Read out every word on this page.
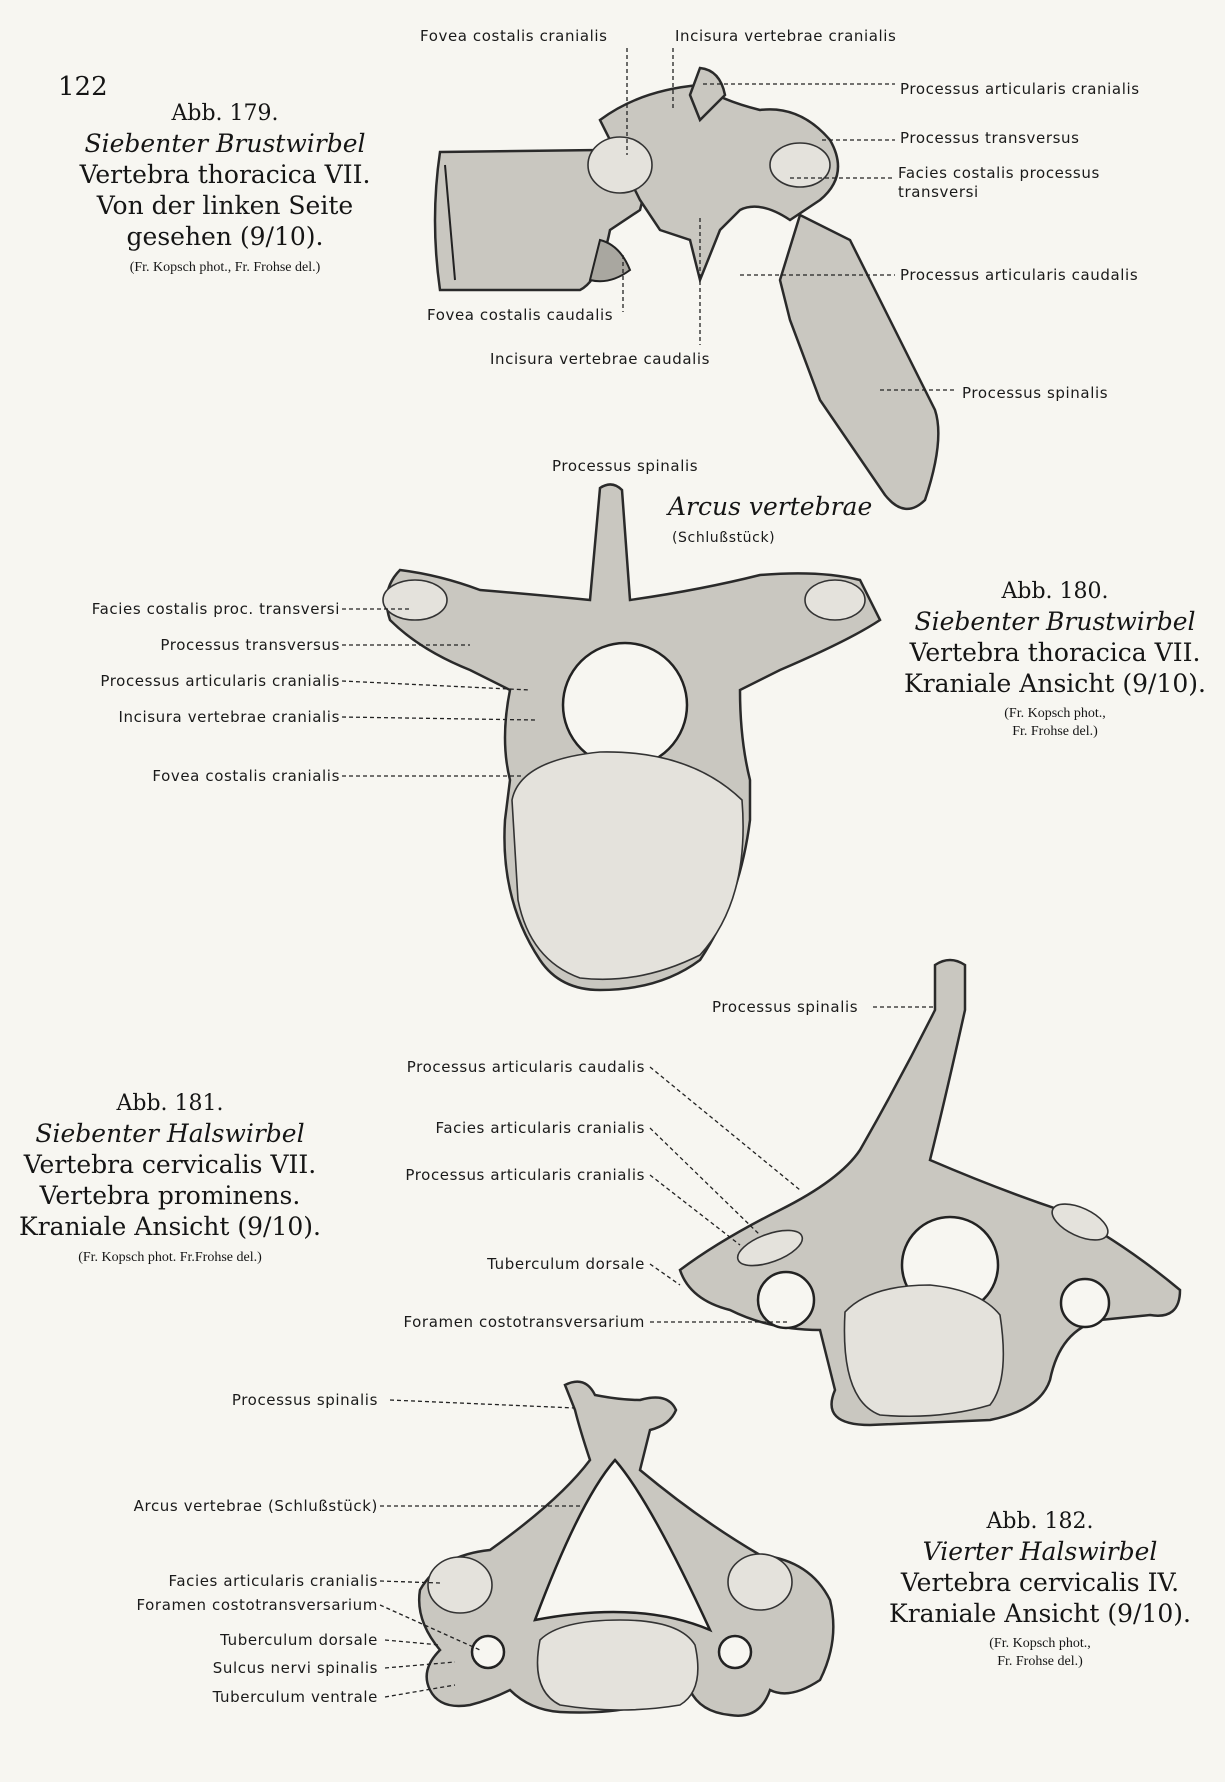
122
Abb. 179.
Siebenter Brustwirbel
Vertebra thoracica VII.
Von der linken Seite
gesehen (9/10).
(Fr. Kopsch phot., Fr. Frohse del.)
Fovea costalis cranialis	Incisura vertebrae cranialis
Processus articularis cranialis
Processus transversus
Facies costalis processus
transversi
Processus articularis caudalis
Fovea costalis caudalis
Incisura vertebrae caudalis
Processus spinalis
Processus spinalis
Arcus vertebrae
(Schlußstück)
Facies costalis proc. transversi
Processus transversus
Processus articularis cranialis
Incisura vertebrae cranialis
Fovea costalis cranialis
Abb. 180.
Siebenter Brustwirbel
Vertebra thoracica VII.
Kraniale Ansicht (9/10).
(Fr. Kopsch phot.,
Fr. Frohse del.)
Processus spinalis
Processus articularis caudalis
Facies articularis cranialis
Processus articularis cranialis
Tuberculum dorsale
Foramen costotransversarium
Abb. 181.
Siebenter Halswirbel
Vertebra cervicalis VII.
Vertebra prominens.
Kraniale Ansicht (9/10).
(Fr. Kopsch phot. Fr.Frohse del.)
Processus spinalis
Arcus vertebrae (Schlußstück)
Facies articularis cranialis
Foramen costotransversarium
Tuberculum dorsale
Sulcus nervi spinalis
Tuberculum ventrale
Abb. 182.
Vierter Halswirbel
Vertebra cervicalis IV.
Kraniale Ansicht (9/10).
(Fr. Kopsch phot.,
Fr. Frohse del.)
